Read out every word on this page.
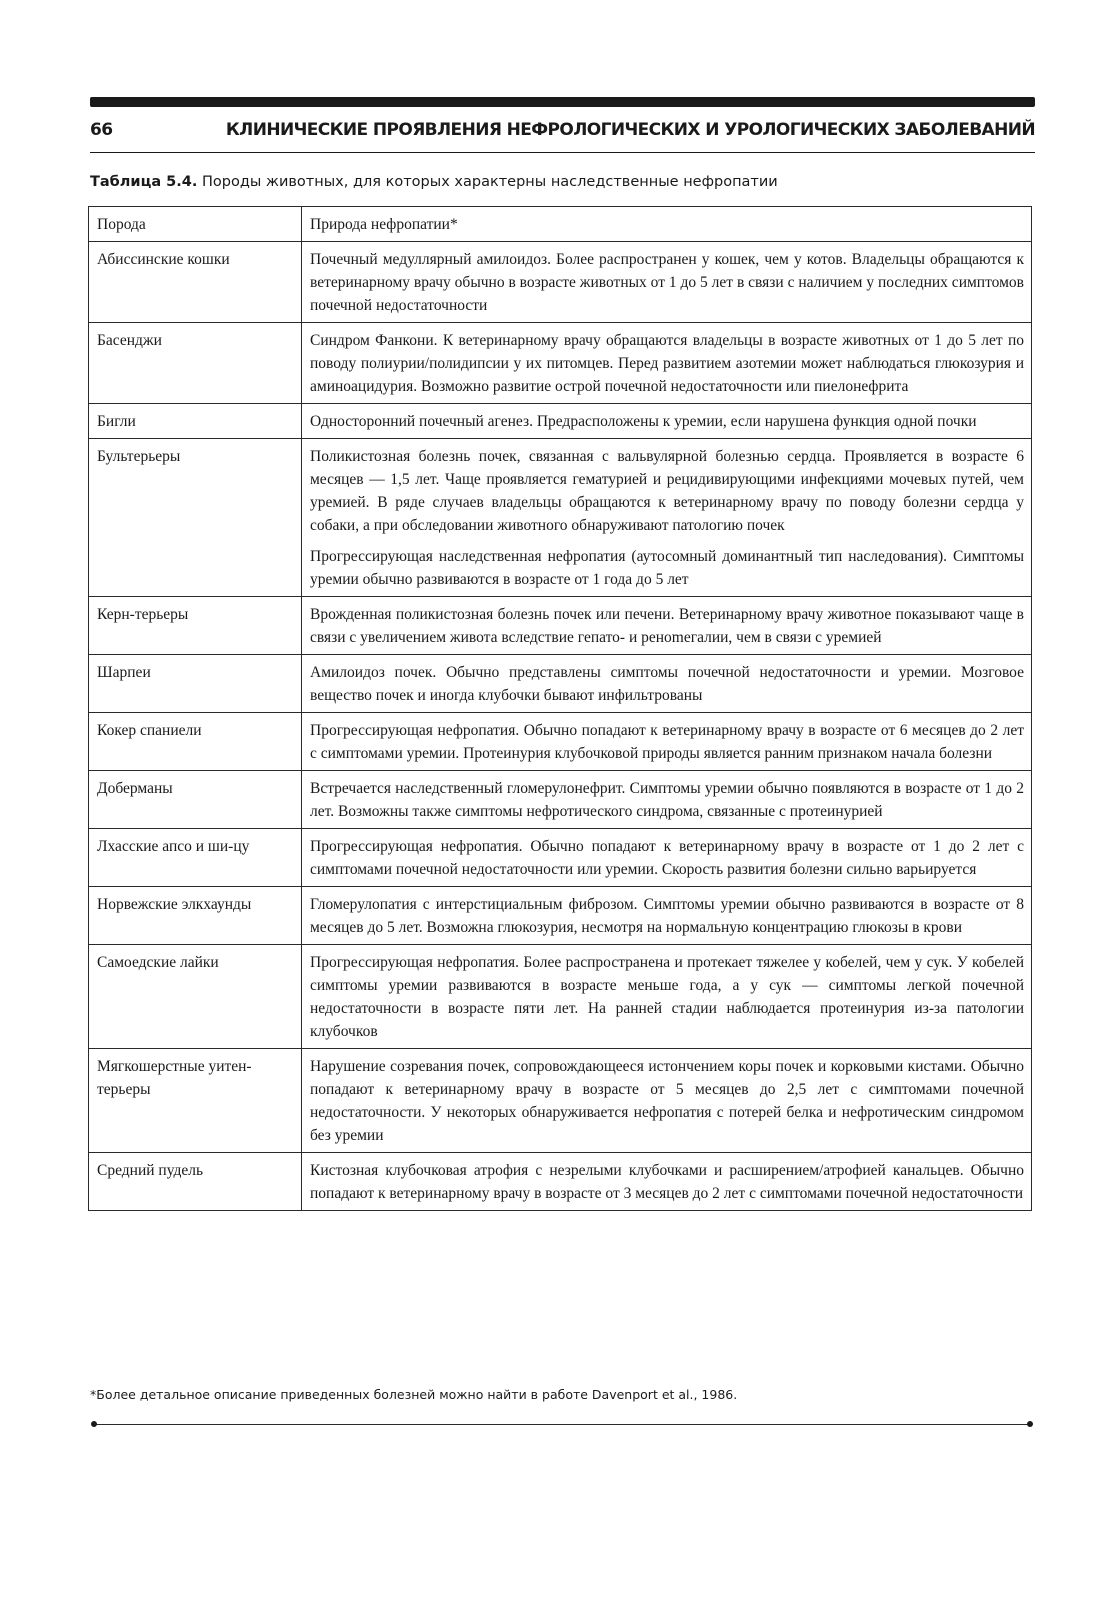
66	КЛИНИЧЕСКИЕ ПРОЯВЛЕНИЯ НЕФРОЛОГИЧЕСКИХ И УРОЛОГИЧЕСКИХ ЗАБОЛЕВАНИЙ
Таблица 5.4. Породы животных, для которых характерны наследственные нефропатии
Порода	Природа нефропатии*
Абиссинские кошки	Почечный медуллярный амилоидоз. Более распространен у кошек, чем у котов. Владельцы обращаются к ветеринарному врачу обычно в возрасте животных от 1 до 5 лет в связи с наличием у последних симптомов почечной недостаточности

Басенджи	Синдром Фанкони. К ветеринарному врачу обращаются владельцы в возрасте животных от 1 до 5 лет по поводу полиурии/полидипсии у их питомцев. Перед развитием азотемии может наблюдаться глюкозурия и аминоацидурия. Возможно развитие острой почечной недостаточности или пиелонефрита

Бигли	Односторонний почечный агенез. Предрасположены к уремии, если нарушена функция одной почки

Бультерьеры	Поликистозная болезнь почек, связанная с вальвулярной болезнью сердца. Проявляется в возрасте 6 месяцев — 1,5 лет. Чаще проявляется гематурией и рецидивирующими инфекциями мочевых путей, чем уремией. В ряде случаев владельцы обращаются к ветеринарному врачу по поводу болезни сердца у собаки, а при обследовании животного обнаруживают патологию почек

Прогрессирующая наследственная нефропатия (аутосомный доминантный тип наследования). Симптомы уремии обычно развиваются в возрасте от 1 года до 5 лет

Керн-терьеры	Врожденная поликистозная болезнь почек или печени. Ветеринарному врачу животное показывают чаще в связи с увеличением живота вследствие гепато- и ренomегалии, чем в связи с уремией

Шарпеи	Амилоидоз почек. Обычно представлены симптомы почечной недостаточности и уремии. Мозговое вещество почек и иногда клубочки бывают инфильтрованы

Кокер спаниели	Прогрессирующая нефропатия. Обычно попадают к ветеринарному врачу в возрасте от 6 месяцев до 2 лет с симптомами уремии. Протеинурия клубочковой природы является ранним признаком начала болезни

Доберманы	Встречается наследственный гломерулонефрит. Симптомы уремии обычно появляются в возрасте от 1 до 2 лет. Возможны также симптомы нефротического синдрома, связанные с протеинурией

Лхасские апсо и ши-цу	Прогрессирующая нефропатия. Обычно попадают к ветеринарному врачу в возрасте от 1 до 2 лет с симптомами почечной недостаточности или уремии. Скорость развития болезни сильно варьируется

Норвежские элкхаунды	Гломерулопатия с интерстициальным фиброзом. Симптомы уремии обычно развиваются в возрасте от 8 месяцев до 5 лет. Возможна глюкозурия, несмотря на нормальную концентрацию глюкозы в крови

Самоедские лайки	Прогрессирующая нефропатия. Более распространена и протекает тяжелее у кобелей, чем у сук. У кобелей симптомы уремии развиваются в возрасте меньше года, а у сук — симптомы легкой почечной недостаточности в возрасте пяти лет. На ранней стадии наблюдается протеинурия из-за патологии клубочков

Мягкошерстные уитен-терьеры	Нарушение созревания почек, сопровождающееся истончением коры почек и корковыми кистами. Обычно попадают к ветеринарному врачу в возрасте от 5 месяцев до 2,5 лет с симптомами почечной недостаточности. У некоторых обнаруживается нефропатия с потерей белка и нефротическим синдромом без уремии

Средний пудель	Кистозная клубочковая атрофия с незрелыми клубочками и расширением/атрофией канальцев. Обычно попадают к ветеринарному врачу в возрасте от 3 месяцев до 2 лет с симптомами почечной недостаточности

*Более детальное описание приведенных болезней можно найти в работе Davenport et al., 1986.
